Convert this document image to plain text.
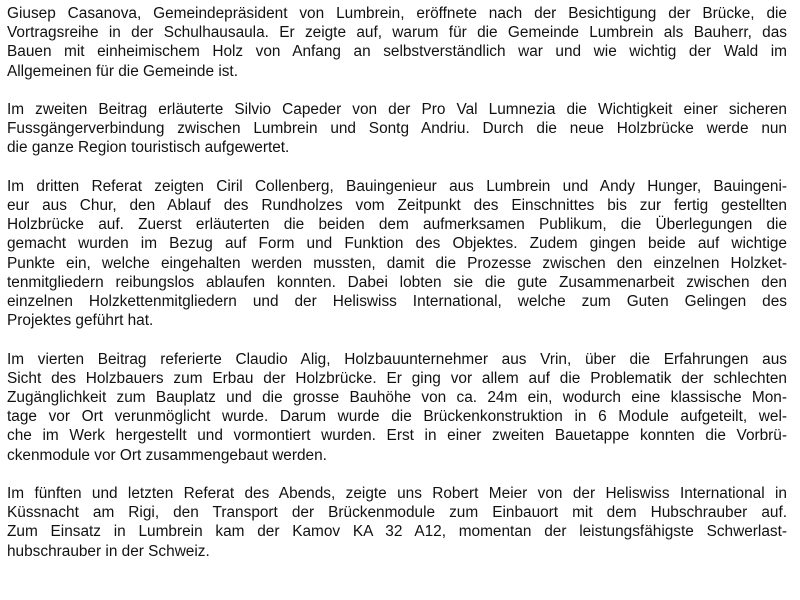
Giusep Casanova, Gemeindepräsident von Lumbrein, eröffnete nach der Besichtigung der Brücke, die
Vortragsreihe in der Schulhausaula. Er zeigte auf, warum für die Gemeinde Lumbrein als Bauherr, das
Bauen mit einheimischem Holz von Anfang an selbstverständlich war und wie wichtig der Wald im
Allgemeinen für die Gemeinde ist.

Im zweiten Beitrag erläuterte Silvio Capeder von der Pro Val Lumnezia die Wichtigkeit einer sicheren
Fussgängerverbindung zwischen Lumbrein und Sontg Andriu. Durch die neue Holzbrücke werde nun
die ganze Region touristisch aufgewertet.

Im dritten Referat zeigten Ciril Collenberg, Bauingenieur aus Lumbrein und Andy Hunger, Bauingeni-
eur aus Chur, den Ablauf des Rundholzes vom Zeitpunkt des Einschnittes bis zur fertig gestellten
Holzbrücke auf. Zuerst erläuterten die beiden dem aufmerksamen Publikum, die Überlegungen die
gemacht wurden im Bezug auf Form und Funktion des Objektes. Zudem gingen beide auf wichtige
Punkte ein, welche eingehalten werden mussten, damit die Prozesse zwischen den einzelnen Holzket-
tenmitgliedern reibungslos ablaufen konnten. Dabei lobten sie die gute Zusammenarbeit zwischen den
einzelnen Holzkettenmitgliedern und der Heliswiss International, welche zum Guten Gelingen des
Projektes geführt hat.

Im vierten Beitrag referierte Claudio Alig, Holzbauunternehmer aus Vrin, über die Erfahrungen aus
Sicht des Holzbauers zum Erbau der Holzbrücke. Er ging vor allem auf die Problematik der schlechten
Zugänglichkeit zum Bauplatz und die grosse Bauhöhe von ca. 24m ein, wodurch eine klassische Mon-
tage vor Ort verunmöglicht wurde. Darum wurde die Brückenkonstruktion in 6 Module aufgeteilt, wel-
che im Werk hergestellt und vormontiert wurden. Erst in einer zweiten Bauetappe konnten die Vorbrü-
ckenmodule vor Ort zusammengebaut werden.

Im fünften und letzten Referat des Abends, zeigte uns Robert Meier von der Heliswiss International in
Küssnacht am Rigi, den Transport der Brückenmodule zum Einbauort mit dem Hubschrauber auf.
Zum Einsatz in Lumbrein kam der Kamov KA 32 A12, momentan der leistungsfähigste Schwerlast-
hubschrauber in der Schweiz.
